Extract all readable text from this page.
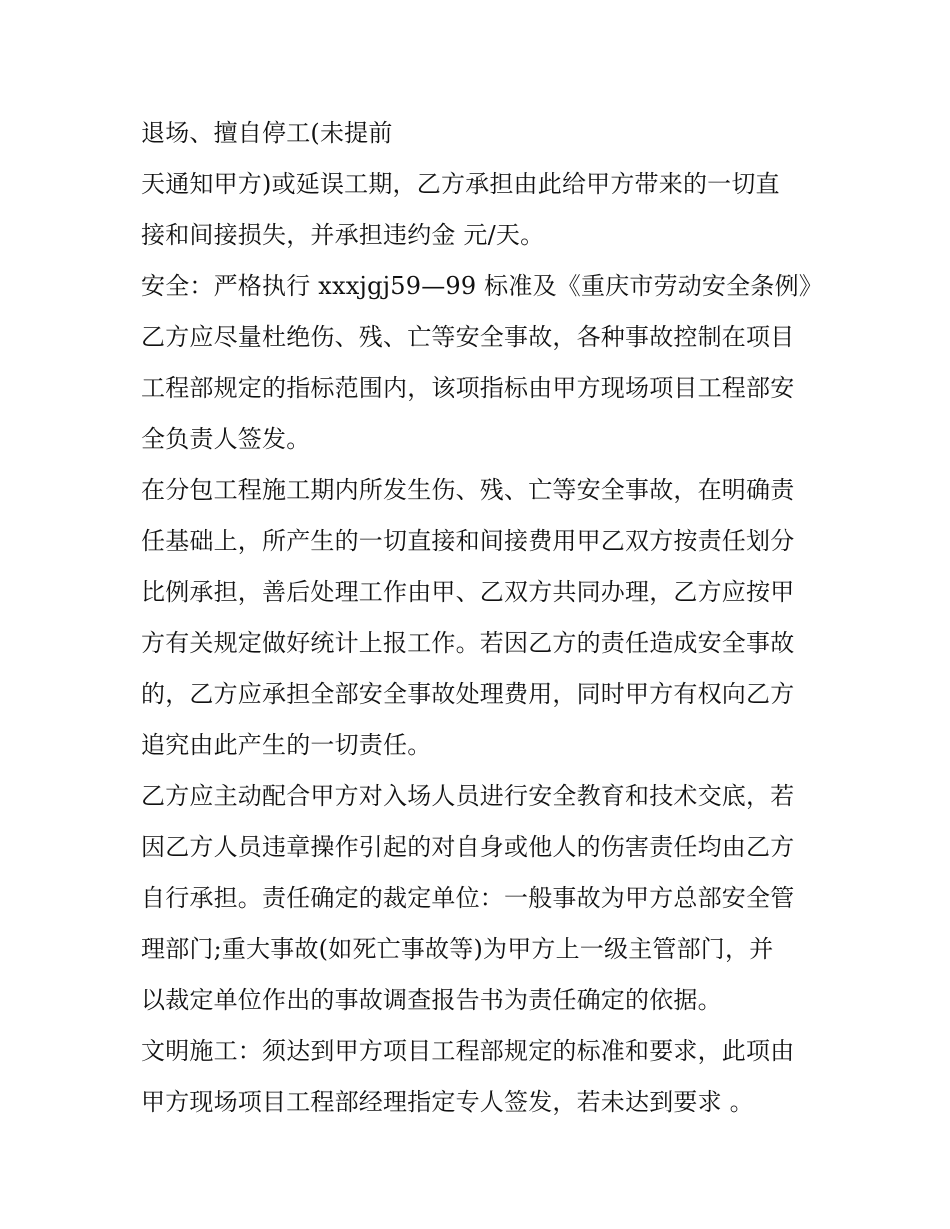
退场、擅自停工(未提前
天通知甲方)或延误工期，乙方承担由此给甲方带来的一切直
接和间接损失，并承担违约金 元/天。
安全：严格执行 xxxjgj59—99 标准及《重庆市劳动安全条例》
乙方应尽量杜绝伤、残、亡等安全事故，各种事故控制在项目
工程部规定的指标范围内，该项指标由甲方现场项目工程部安
全负责人签发。
在分包工程施工期内所发生伤、残、亡等安全事故，在明确责
任基础上，所产生的一切直接和间接费用甲乙双方按责任划分
比例承担，善后处理工作由甲、乙双方共同办理，乙方应按甲
方有关规定做好统计上报工作。若因乙方的责任造成安全事故
的，乙方应承担全部安全事故处理费用，同时甲方有权向乙方
追究由此产生的一切责任。
乙方应主动配合甲方对入场人员进行安全教育和技术交底，若
因乙方人员违章操作引起的对自身或他人的伤害责任均由乙方
自行承担。责任确定的裁定单位：一般事故为甲方总部安全管
理部门;重大事故(如死亡事故等)为甲方上一级主管部门，并
以裁定单位作出的事故调查报告书为责任确定的依据。
文明施工：须达到甲方项目工程部规定的标准和要求，此项由
甲方现场项目工程部经理指定专人签发，若未达到要求 。
